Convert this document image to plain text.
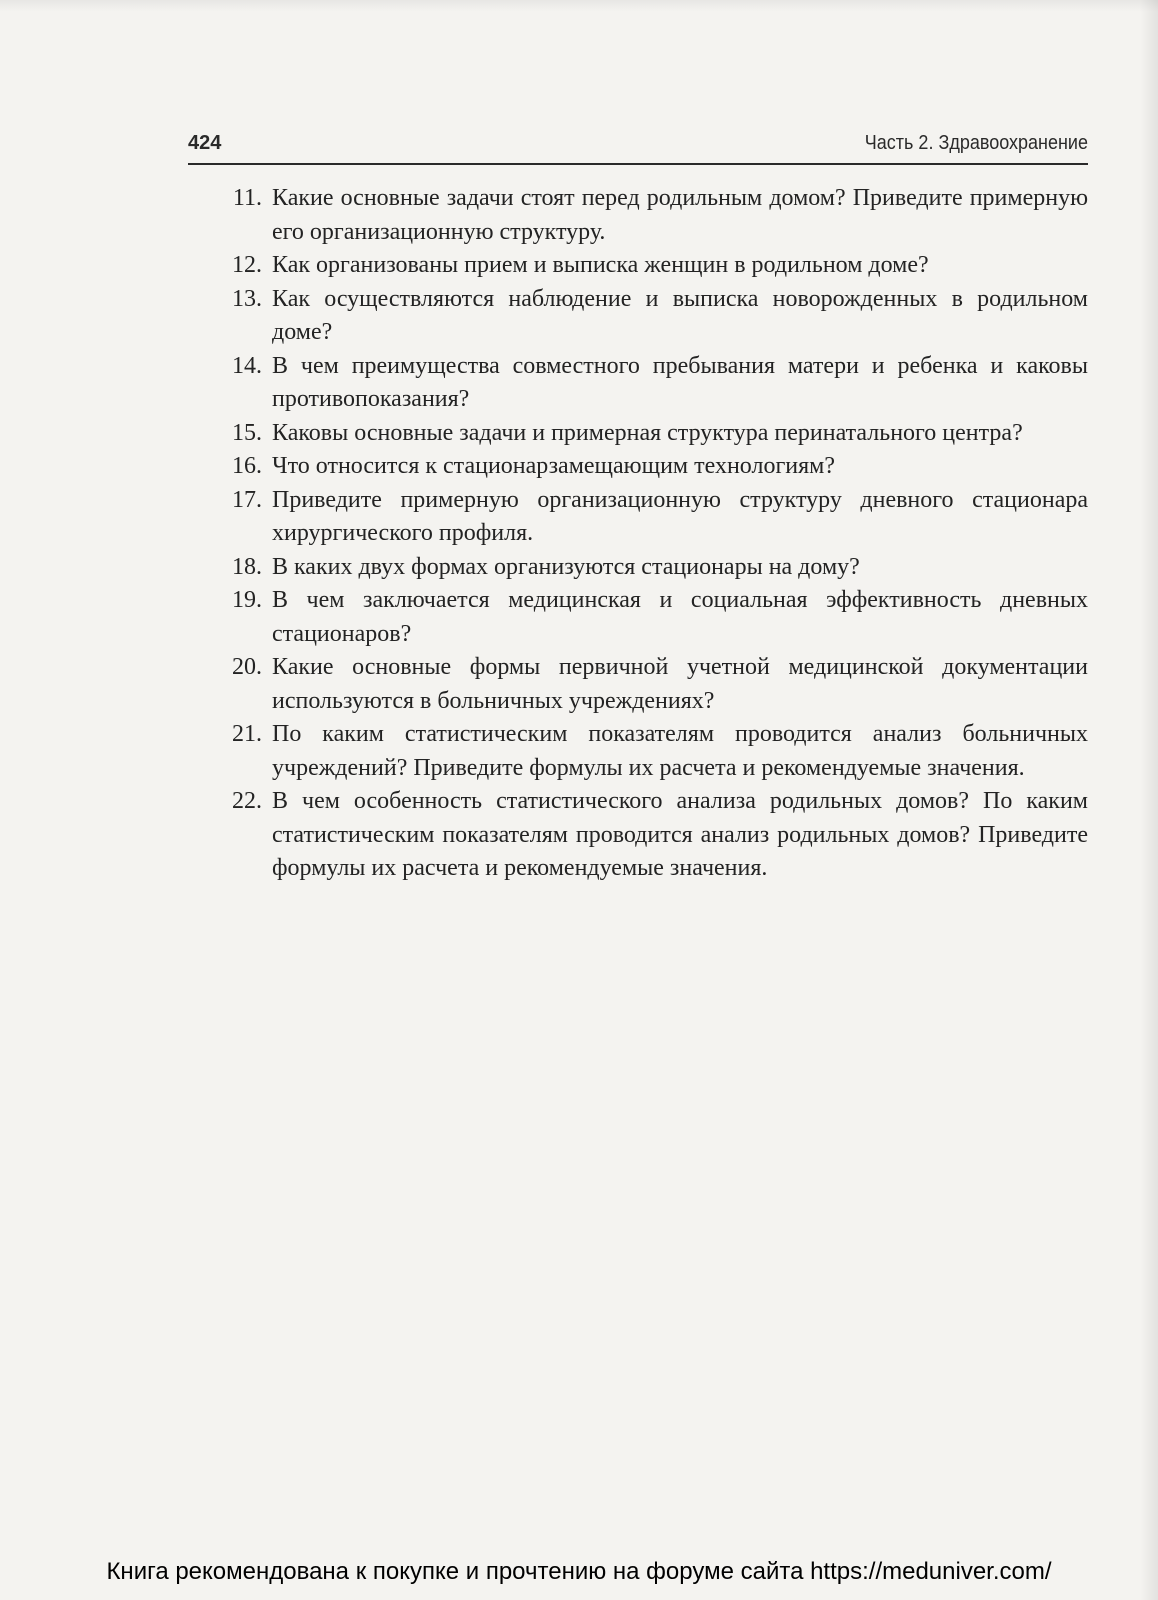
424	Часть 2. Здравоохранение
11. Какие основные задачи стоят перед родильным домом? Приведите примерную его организационную структуру.
12. Как организованы прием и выписка женщин в родильном доме?
13. Как осуществляются наблюдение и выписка новорожденных в родильном доме?
14. В чем преимущества совместного пребывания матери и ребенка и каковы противопоказания?
15. Каковы основные задачи и примерная структура перинатального центра?
16. Что относится к стационарзамещающим технологиям?
17. Приведите примерную организационную структуру дневного стационара хирургического профиля.
18. В каких двух формах организуются стационары на дому?
19. В чем заключается медицинская и социальная эффективность дневных стационаров?
20. Какие основные формы первичной учетной медицинской документации используются в больничных учреждениях?
21. По каким статистическим показателям проводится анализ больничных учреждений? Приведите формулы их расчета и рекомендуемые значения.
22. В чем особенность статистического анализа родильных домов? По каким статистическим показателям проводится анализ родильных домов? Приведите формулы их расчета и рекомендуемые значения.
Книга рекомендована к покупке и прочтению на форуме сайта https://meduniver.com/
